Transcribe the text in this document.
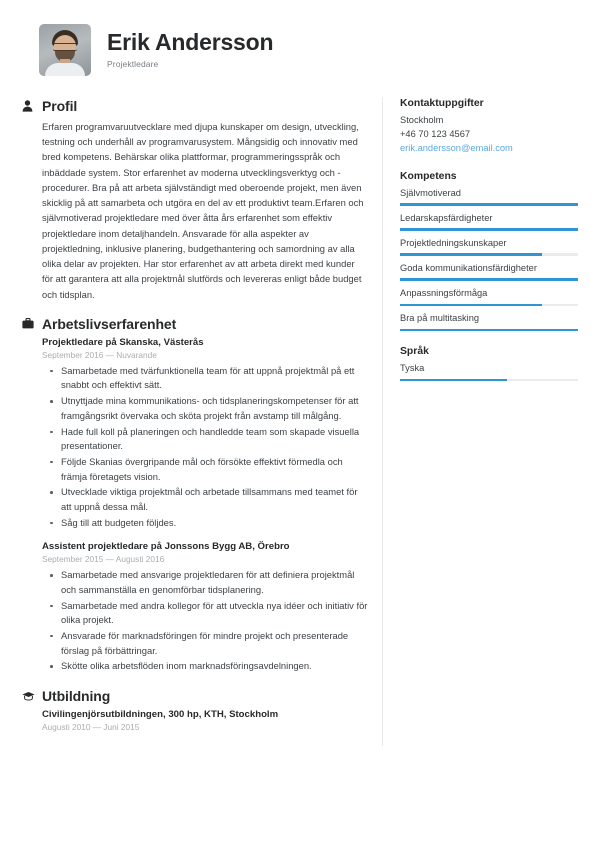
Erik Andersson
Projektledare
Profil
Erfaren programvaruutvecklare med djupa kunskaper om design, utveckling, testning och underhåll av programvarusystem. Mångsidig och innovativ med bred kompetens. Behärskar olika plattformar, programmeringsspråk och inbäddade system. Stor erfarenhet av moderna utvecklingsverktyg och -procedurer. Bra på att arbeta självständigt med oberoende projekt, men även skicklig på att samarbeta och utgöra en del av ett produktivt team.Erfaren och självmotiverad projektledare med över åtta års erfarenhet som effektiv projektledare inom detaljhandeln. Ansvarade för alla aspekter av projektledning, inklusive planering, budgethantering och samordning av alla olika delar av projekten. Har stor erfarenhet av att arbeta direkt med kunder för att garantera att alla projektmål slutförds och levereras enligt både budget och tidsplan.
Arbetslivserfarenhet
Projektledare på Skanska, Västerås
September 2016 — Nuvarande
Samarbetade med tvärfunktionella team för att uppnå projektmål på ett snabbt och effektivt sätt.
Utnyttjade mina kommunikations- och tidsplaneringskompetenser för att framgångsrikt övervaka och sköta projekt från avstamp till målgång.
Hade full koll på planeringen och handledde team som skapade visuella presentationer.
Följde Skanias övergripande mål och försökte effektivt förmedla och främja företagets vision.
Utvecklade viktiga projektmål och arbetade tillsammans med teamet för att uppnå dessa mål.
Såg till att budgeten följdes.
Assistent projektledare på Jonssons Bygg AB, Örebro
September 2015 — Augusti 2016
Samarbetade med ansvarige projektledaren för att definiera projektmål och sammanställa en genomförbar tidsplanering.
Samarbetade med andra kollegor för att utveckla nya idéer och initiativ för olika projekt.
Ansvarade för marknadsföringen för mindre projekt och presenterade förslag på förbättringar.
Skötte olika arbetsflöden inom marknadsföringsavdelningen.
Utbildning
Civilingenjörsutbildningen, 300 hp, KTH, Stockholm
Augusti 2010 — Juni 2015
Kontaktuppgifter
Stockholm
+46 70 123 4567
erik.andersson@email.com
Kompetens
Självmotiverad
Ledarskapsfärdigheter
Projektledningskunskaper
Goda kommunikationsfärdigheter
Anpassningsförmåga
Bra på multitasking
Språk
Tyska
